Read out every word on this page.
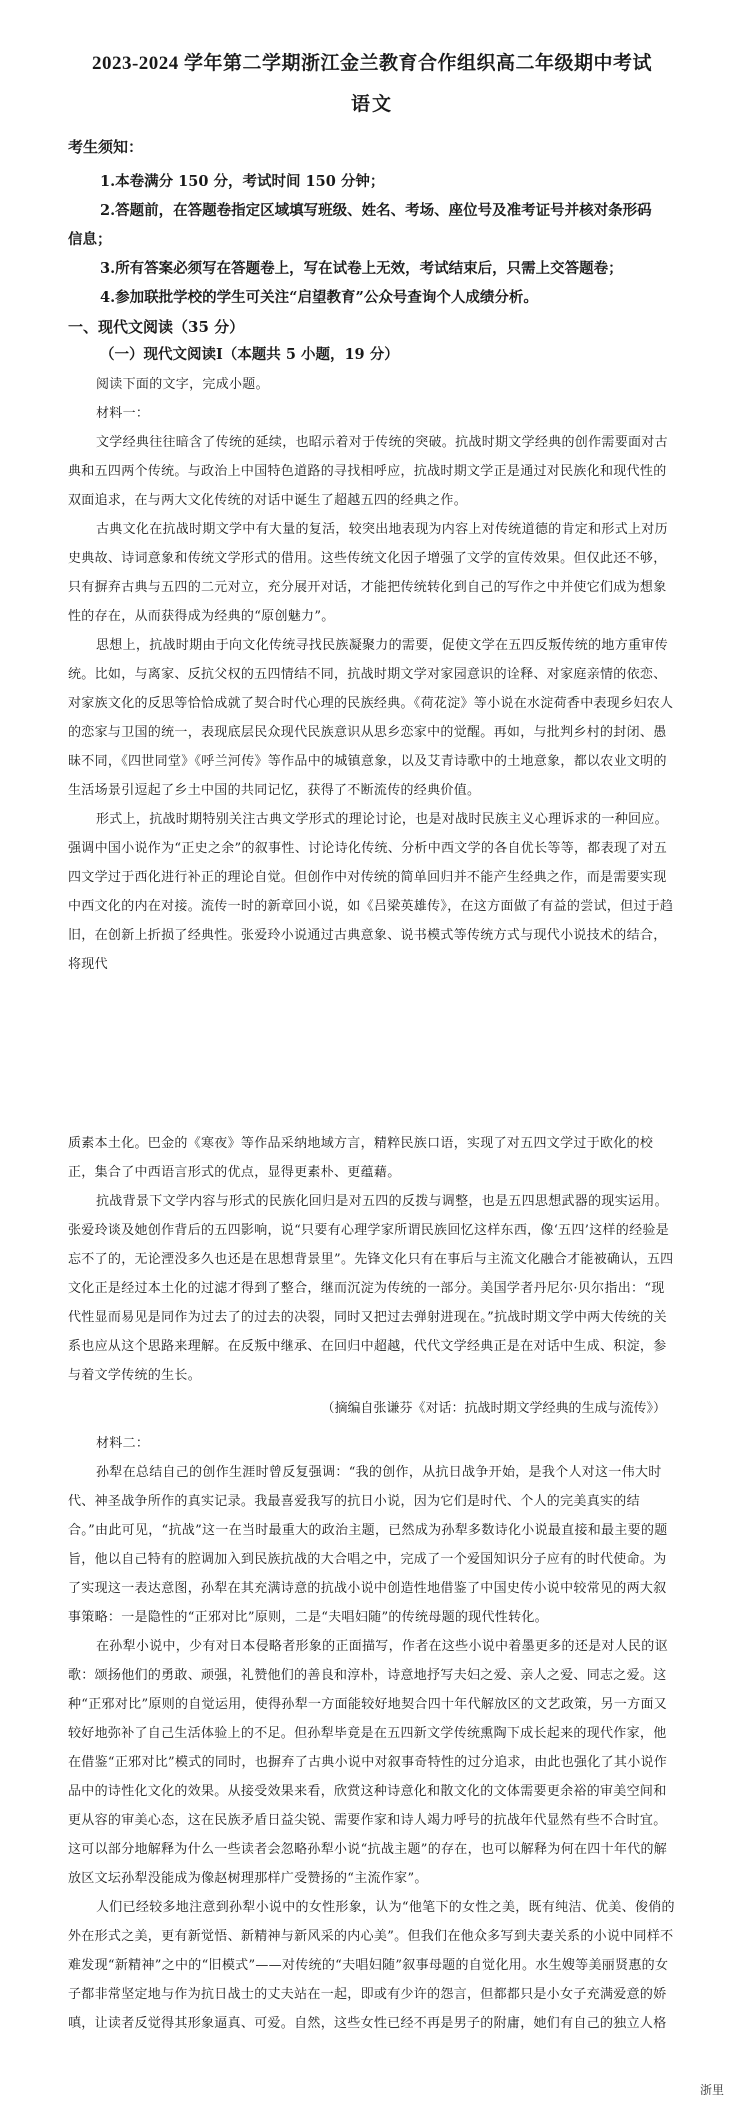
2023-2024 学年第二学期浙江金兰教育合作组织高二年级期中考试
语文

考生须知：

1.本卷满分 150 分，考试时间 150 分钟；

2.答题前，在答题卷指定区域填写班级、姓名、考场、座位号及准考证号并核对条形码

信息；

3.所有答案必须写在答题卷上，写在试卷上无效，考试结束后，只需上交答题卷；

4.参加联批学校的学生可关注“启望教育”公众号查询个人成绩分析。

一、现代文阅读（35 分）

（一）现代文阅读Ⅰ（本题共 5 小题，19 分）

阅读下面的文字，完成小题。

材料一：

文学经典往往暗含了传统的延续，也昭示着对于传统的突破。抗战时期文学经典的创作需要面对古典和五四两个传统。与政治上中国特色道路的寻找相呼应，抗战时期文学正是通过对民族化和现代性的双面追求，在与两大文化传统的对话中诞生了超越五四的经典之作。

古典文化在抗战时期文学中有大量的复活，较突出地表现为内容上对传统道德的肯定和形式上对历史典故、诗词意象和传统文学形式的借用。这些传统文化因子增强了文学的宣传效果。但仅此还不够，只有摒弃古典与五四的二元对立，充分展开对话，才能把传统转化到自己的写作之中并使它们成为想象性的存在，从而获得成为经典的“原创魅力”。

思想上，抗战时期由于向文化传统寻找民族凝聚力的需要，促使文学在五四反叛传统的地方重审传统。比如，与离家、反抗父权的五四情结不同，抗战时期文学对家园意识的诠释、对家庭亲情的依恋、对家族文化的反思等恰恰成就了契合时代心理的民族经典。《荷花淀》等小说在水淀荷香中表现乡妇农人的恋家与卫国的统一，表现底层民众现代民族意识从思乡恋家中的觉醒。再如，与批判乡村的封闭、愚昧不同，《四世同堂》《呼兰河传》等作品中的城镇意象，以及艾青诗歌中的土地意象，都以农业文明的生活场景引逗起了乡土中国的共同记忆，获得了不断流传的经典价值。

形式上，抗战时期特别关注古典文学形式的理论讨论，也是对战时民族主义心理诉求的一种回应。强调中国小说作为“正史之余”的叙事性、讨论诗化传统、分析中西文学的各自优长等等，都表现了对五四文学过于西化进行补正的理论自觉。但创作中对传统的简单回归并不能产生经典之作，而是需要实现中西文化的内在对接。流传一时的新章回小说，如《吕梁英雄传》，在这方面做了有益的尝试，但过于趋旧，在创新上折损了经典性。张爱玲小说通过古典意象、说书模式等传统方式与现代小说技术的结合，将现代

质素本土化。巴金的《寒夜》等作品采纳地域方言，精粹民族口语，实现了对五四文学过于欧化的校正，集合了中西语言形式的优点，显得更素朴、更蕴藉。

抗战背景下文学内容与形式的民族化回归是对五四的反拨与调整，也是五四思想武器的现实运用。张爱玲谈及她创作背后的五四影响，说“只要有心理学家所谓民族回忆这样东西，像‘五四’这样的经验是忘不了的，无论湮没多久也还是在思想背景里”。先锋文化只有在事后与主流文化融合才能被确认，五四文化正是经过本土化的过滤才得到了整合，继而沉淀为传统的一部分。美国学者丹尼尔·贝尔指出：“现代性显而易见是同作为过去了的过去的决裂，同时又把过去弹射进现在。”抗战时期文学中两大传统的关系也应从这个思路来理解。在反叛中继承、在回归中超越，代代文学经典正是在对话中生成、积淀，参与着文学传统的生长。

（摘编自张谦芬《对话：抗战时期文学经典的生成与流传》）

材料二：

孙犁在总结自己的创作生涯时曾反复强调：“我的创作，从抗日战争开始，是我个人对这一伟大时代、神圣战争所作的真实记录。我最喜爱我写的抗日小说，因为它们是时代、个人的完美真实的结合。”由此可见，“抗战”这一在当时最重大的政治主题，已然成为孙犁多数诗化小说最直接和最主要的题旨，他以自己特有的腔调加入到民族抗战的大合唱之中，完成了一个爱国知识分子应有的时代使命。为了实现这一表达意图，孙犁在其充满诗意的抗战小说中创造性地借鉴了中国史传小说中较常见的两大叙事策略：一是隐性的“正邪对比”原则，二是“夫唱妇随”的传统母题的现代性转化。

在孙犁小说中，少有对日本侵略者形象的正面描写，作者在这些小说中着墨更多的还是对人民的讴歌：颂扬他们的勇敢、顽强，礼赞他们的善良和淳朴，诗意地抒写夫妇之爱、亲人之爱、同志之爱。这种“正邪对比”原则的自觉运用，使得孙犁一方面能较好地契合四十年代解放区的文艺政策，另一方面又较好地弥补了自己生活体验上的不足。但孙犁毕竟是在五四新文学传统熏陶下成长起来的现代作家，他在借鉴“正邪对比”模式的同时，也摒弃了古典小说中对叙事奇特性的过分追求，由此也强化了其小说作品中的诗性化文化的效果。从接受效果来看，欣赏这种诗意化和散文化的文体需要更余裕的审美空间和更从容的审美心态，这在民族矛盾日益尖锐、需要作家和诗人竭力呼号的抗战年代显然有些不合时宜。这可以部分地解释为什么一些读者会忽略孙犁小说“抗战主题”的存在，也可以解释为何在四十年代的解放区文坛孙犁没能成为像赵树理那样广受赞扬的“主流作家”。

人们已经较多地注意到孙犁小说中的女性形象，认为“他笔下的女性之美，既有纯洁、优美、俊俏的外在形式之美，更有新觉悟、新精神与新风采的内心美”。但我们在他众多写到夫妻关系的小说中同样不难发现“新精神”之中的“旧模式”——对传统的“夫唱妇随”叙事母题的自觉化用。水生嫂等美丽贤惠的女子都非常坚定地与作为抗日战士的丈夫站在一起，即或有少许的怨言，但都都只是小女子充满爱意的娇嗔，让读者反觉得其形象逼真、可爱。自然，这些女性已经不再是男子的附庸，她们有自己的独立人格

浙里
